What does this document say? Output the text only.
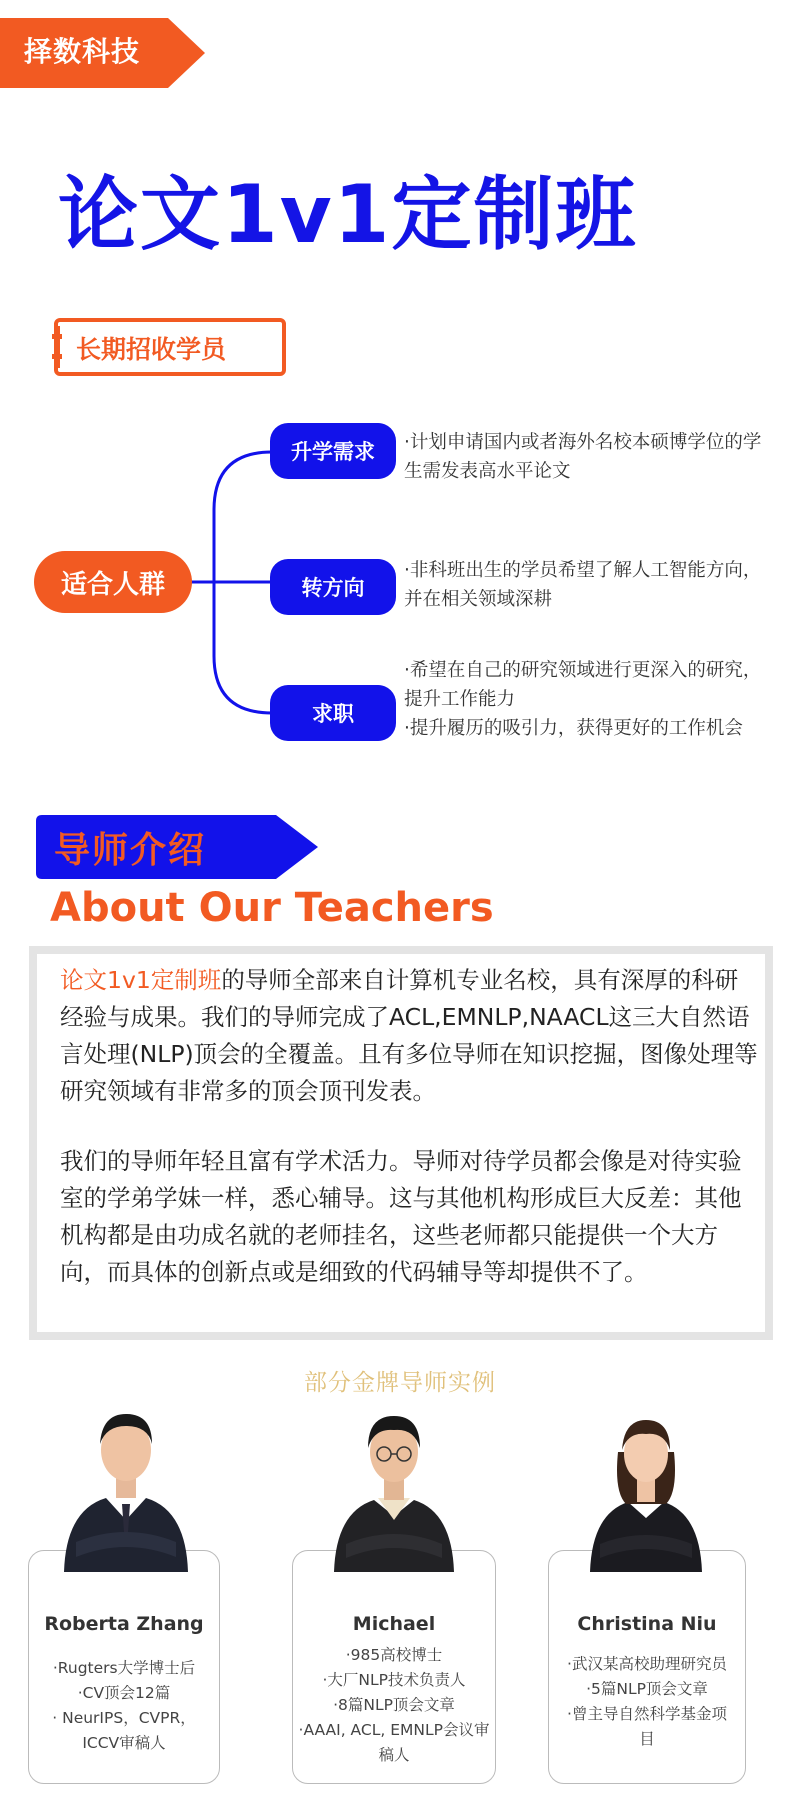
择数科技
论文1v1定制班
长期招收学员
适合人群
升学需求
转方向
求职
·计划申请国内或者海外名校本硕博学位的学生需发表高水平论文
·非科班出生的学员希望了解人工智能方向，并在相关领域深耕
·希望在自己的研究领域进行更深入的研究，提升工作能力
·提升履历的吸引力，获得更好的工作机会
导师介绍
About Our Teachers
论文1v1定制班的导师全部来自计算机专业名校，具有深厚的科研经验与成果。我们的导师完成了ACL,EMNLP,NAACL这三大自然语言处理(NLP)顶会的全覆盖。且有多位导师在知识挖掘，图像处理等研究领域有非常多的顶会顶刊发表。
我们的导师年轻且富有学术活力。导师对待学员都会像是对待实验室的学弟学妹一样，悉心辅导。这与其他机构形成巨大反差：其他机构都是由功成名就的老师挂名，这些老师都只能提供一个大方向，而具体的创新点或是细致的代码辅导等却提供不了。
部分金牌导师实例
Roberta Zhang
·Rugters大学博士后
·CV顶会12篇
· NeurIPS，CVPR，
ICCV审稿人
Michael
·985高校博士
·大厂NLP技术负责人
·8篇NLP顶会文章
·AAAI, ACL, EMNLP会议审
稿人
Christina Niu
·武汉某高校助理研究员
·5篇NLP顶会文章
·曾主导自然科学基金项
目
